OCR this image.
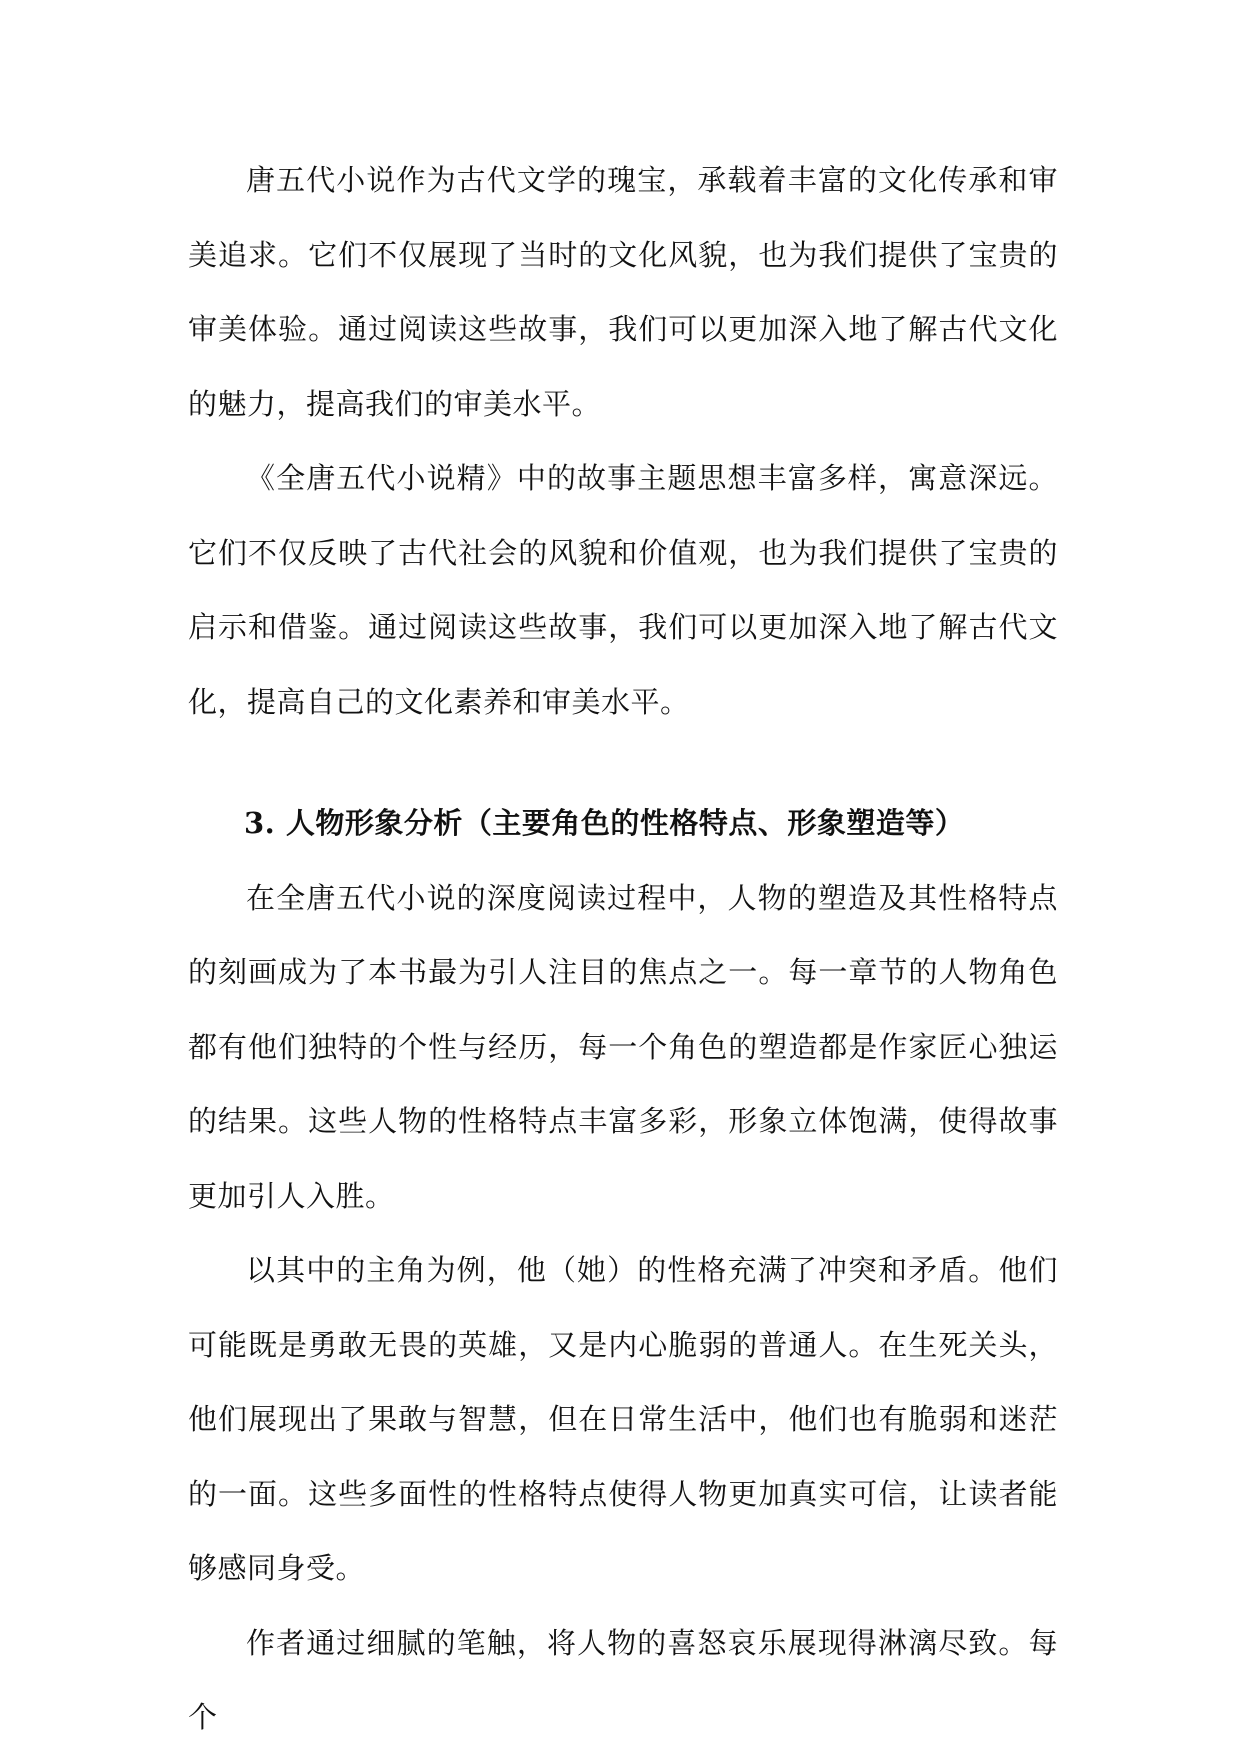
唐五代小说作为古代文学的瑰宝，承载着丰富的文化传承和审美追求。它们不仅展现了当时的文化风貌，也为我们提供了宝贵的审美体验。通过阅读这些故事，我们可以更加深入地了解古代文化的魅力，提高我们的审美水平。

《全唐五代小说精》中的故事主题思想丰富多样，寓意深远。它们不仅反映了古代社会的风貌和价值观，也为我们提供了宝贵的启示和借鉴。通过阅读这些故事，我们可以更加深入地了解古代文化，提高自己的文化素养和审美水平。

3. 人物形象分析（主要角色的性格特点、形象塑造等）

在全唐五代小说的深度阅读过程中，人物的塑造及其性格特点的刻画成为了本书最为引人注目的焦点之一。每一章节的人物角色都有他们独特的个性与经历，每一个角色的塑造都是作家匠心独运的结果。这些人物的性格特点丰富多彩，形象立体饱满，使得故事更加引人入胜。

以其中的主角为例，他（她）的性格充满了冲突和矛盾。他们可能既是勇敢无畏的英雄，又是内心脆弱的普通人。在生死关头，他们展现出了果敢与智慧，但在日常生活中，他们也有脆弱和迷茫的一面。这些多面性的性格特点使得人物更加真实可信，让读者能够感同身受。

作者通过细腻的笔触，将人物的喜怒哀乐展现得淋漓尽致。每个
